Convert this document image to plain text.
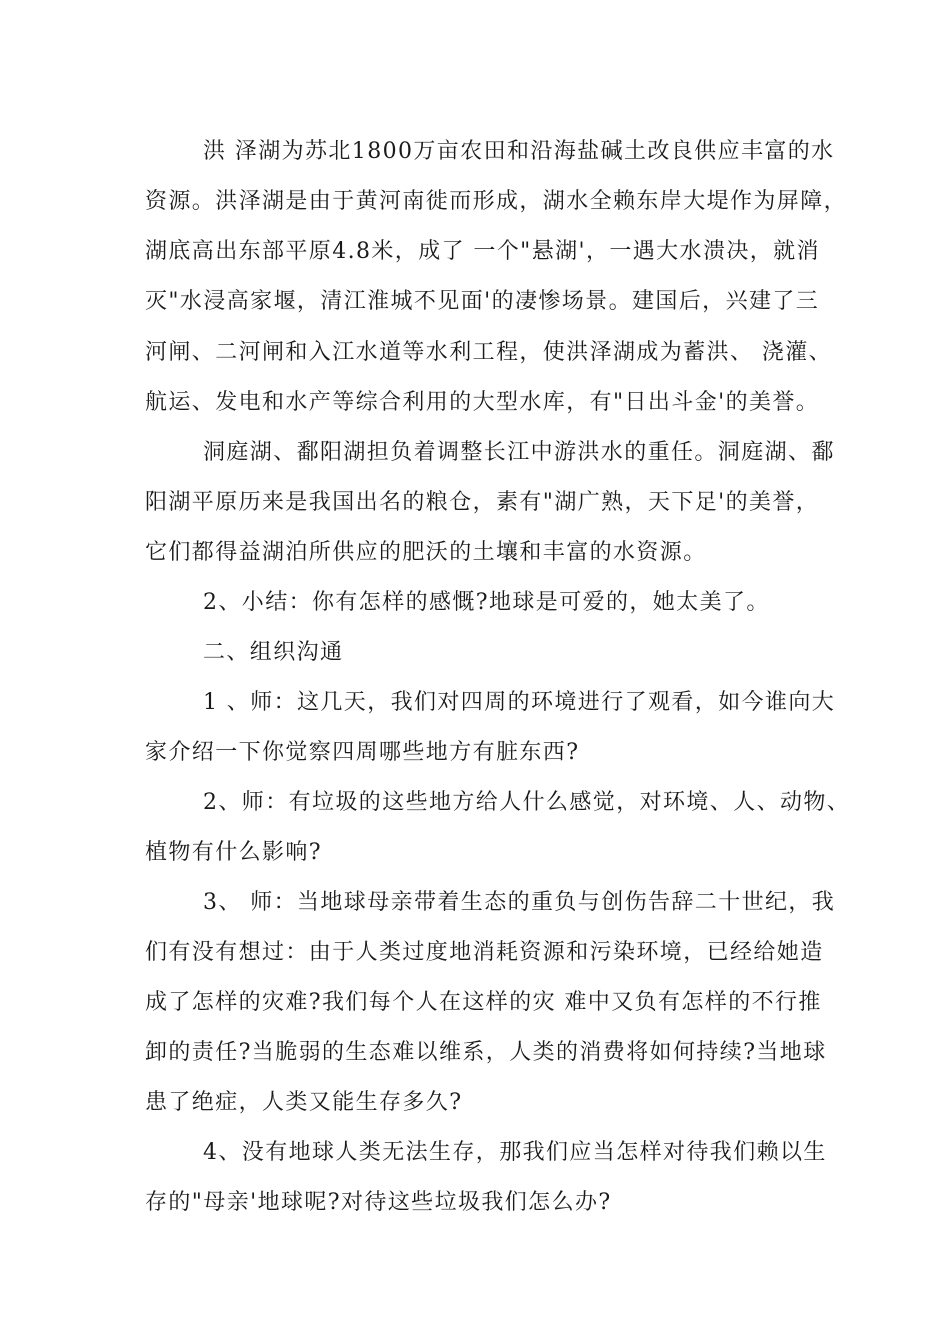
洪 泽湖为苏北1800万亩农田和沿海盐碱土改良供应丰富的水

资源。洪泽湖是由于黄河南徙而形成，湖水全赖东岸大堤作为屏障，

湖底高出东部平原4.8米，成了 一个"悬湖'，一遇大水溃决，就消

灭"水浸高家堰，清江淮城不见面'的凄惨场景。建国后，兴建了三

河闸、二河闸和入江水道等水利工程，使洪泽湖成为蓄洪、 浇灌、

航运、发电和水产等综合利用的大型水库，有"日出斗金'的美誉。

洞庭湖、鄱阳湖担负着调整长江中游洪水的重任。洞庭湖、鄱

阳湖平原历来是我国出名的粮仓，素有"湖广熟，天下足'的美誉，

它们都得益湖泊所供应的肥沃的土壤和丰富的水资源。

2、小结：你有怎样的感慨?地球是可爱的，她太美了。

二、组织沟通

1 、师：这几天，我们对四周的环境进行了观看，如今谁向大

家介绍一下你觉察四周哪些地方有脏东西?

2、师：有垃圾的这些地方给人什么感觉，对环境、人、动物、

植物有什么影响?

3、 师：当地球母亲带着生态的重负与创伤告辞二十世纪，我

们有没有想过：由于人类过度地消耗资源和污染环境，已经给她造

成了怎样的灾难?我们每个人在这样的灾 难中又负有怎样的不行推

卸的责任?当脆弱的生态难以维系，人类的消费将如何持续?当地球

患了绝症，人类又能生存多久?

4、没有地球人类无法生存，那我们应当怎样对待我们赖以生

存的"母亲'地球呢?对待这些垃圾我们怎么办?
